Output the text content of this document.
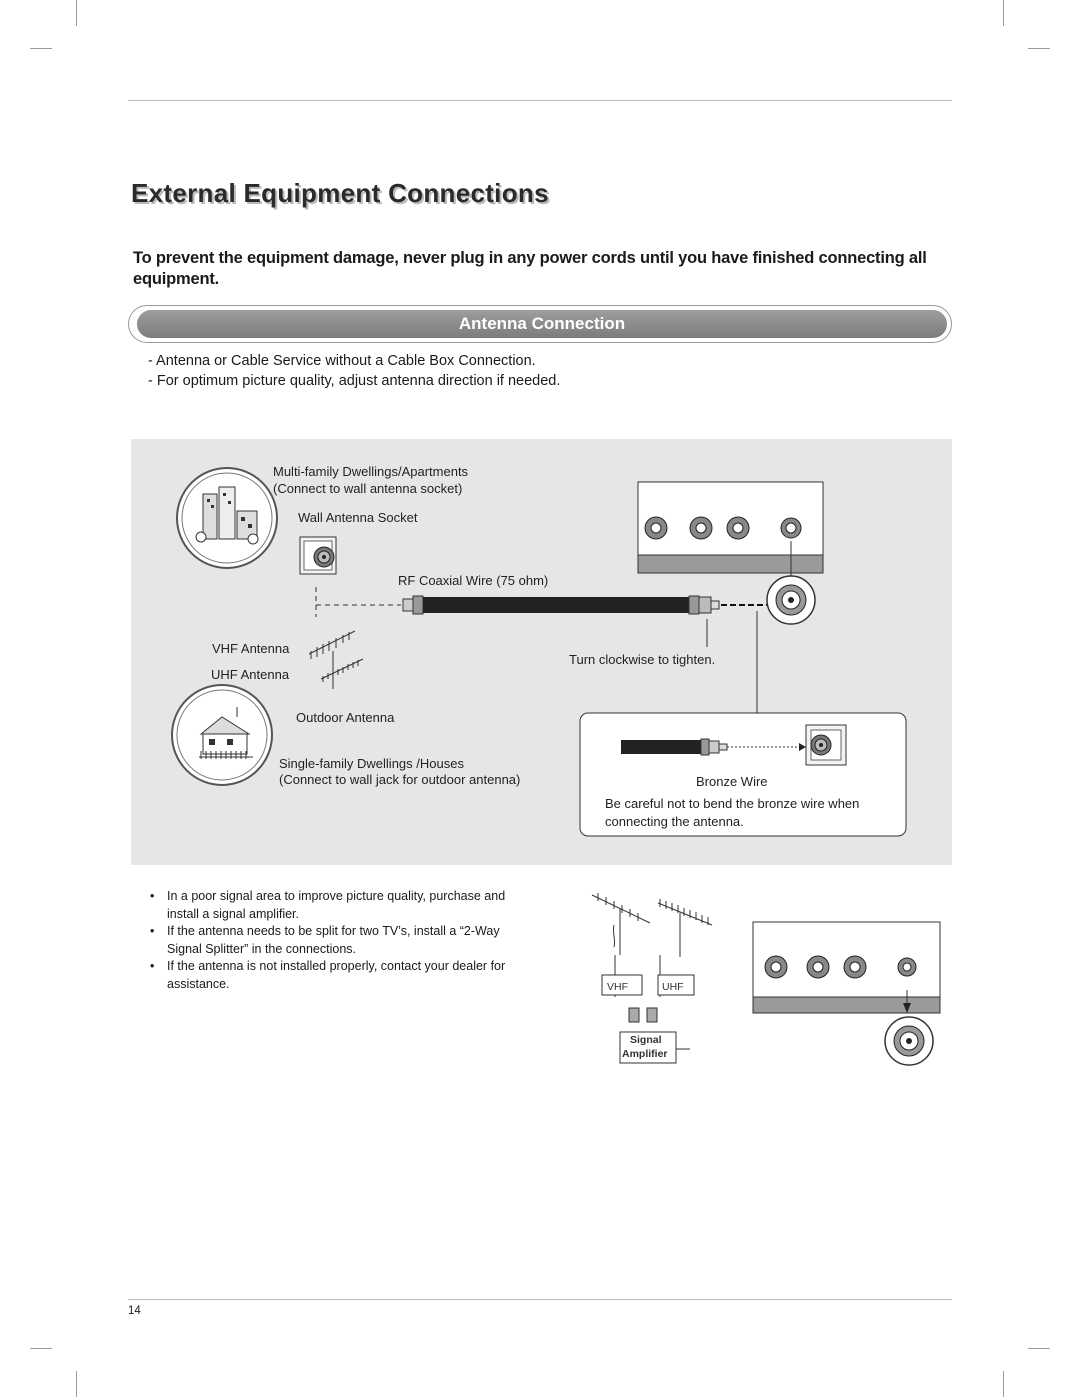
External Equipment Connections
To prevent the equipment damage, never plug in any power cords until you have finished connecting all equipment.
Antenna Connection
- Antenna or Cable Service without a Cable Box Connection.
- For optimum picture quality, adjust antenna direction if needed.
Multi-family Dwellings/Apartments
(Connect to wall antenna socket)
Wall Antenna Socket
RF Coaxial Wire (75 ohm)
VHF Antenna
UHF Antenna
Turn clockwise to tighten.
Outdoor Antenna
Single-family Dwellings /Houses
(Connect to wall jack for outdoor antenna)	Bronze Wire
Be careful not to bend the bronze wire when
connecting the antenna.
• In a poor signal area to improve picture quality, purchase and install a signal amplifier.
• If the antenna needs to be split for two TV’s, install a “2-Way Signal Splitter” in the connections.
• If the antenna is not installed properly, contact your dealer for assistance.	VHF	UHF
Signal
Amplifier
14
